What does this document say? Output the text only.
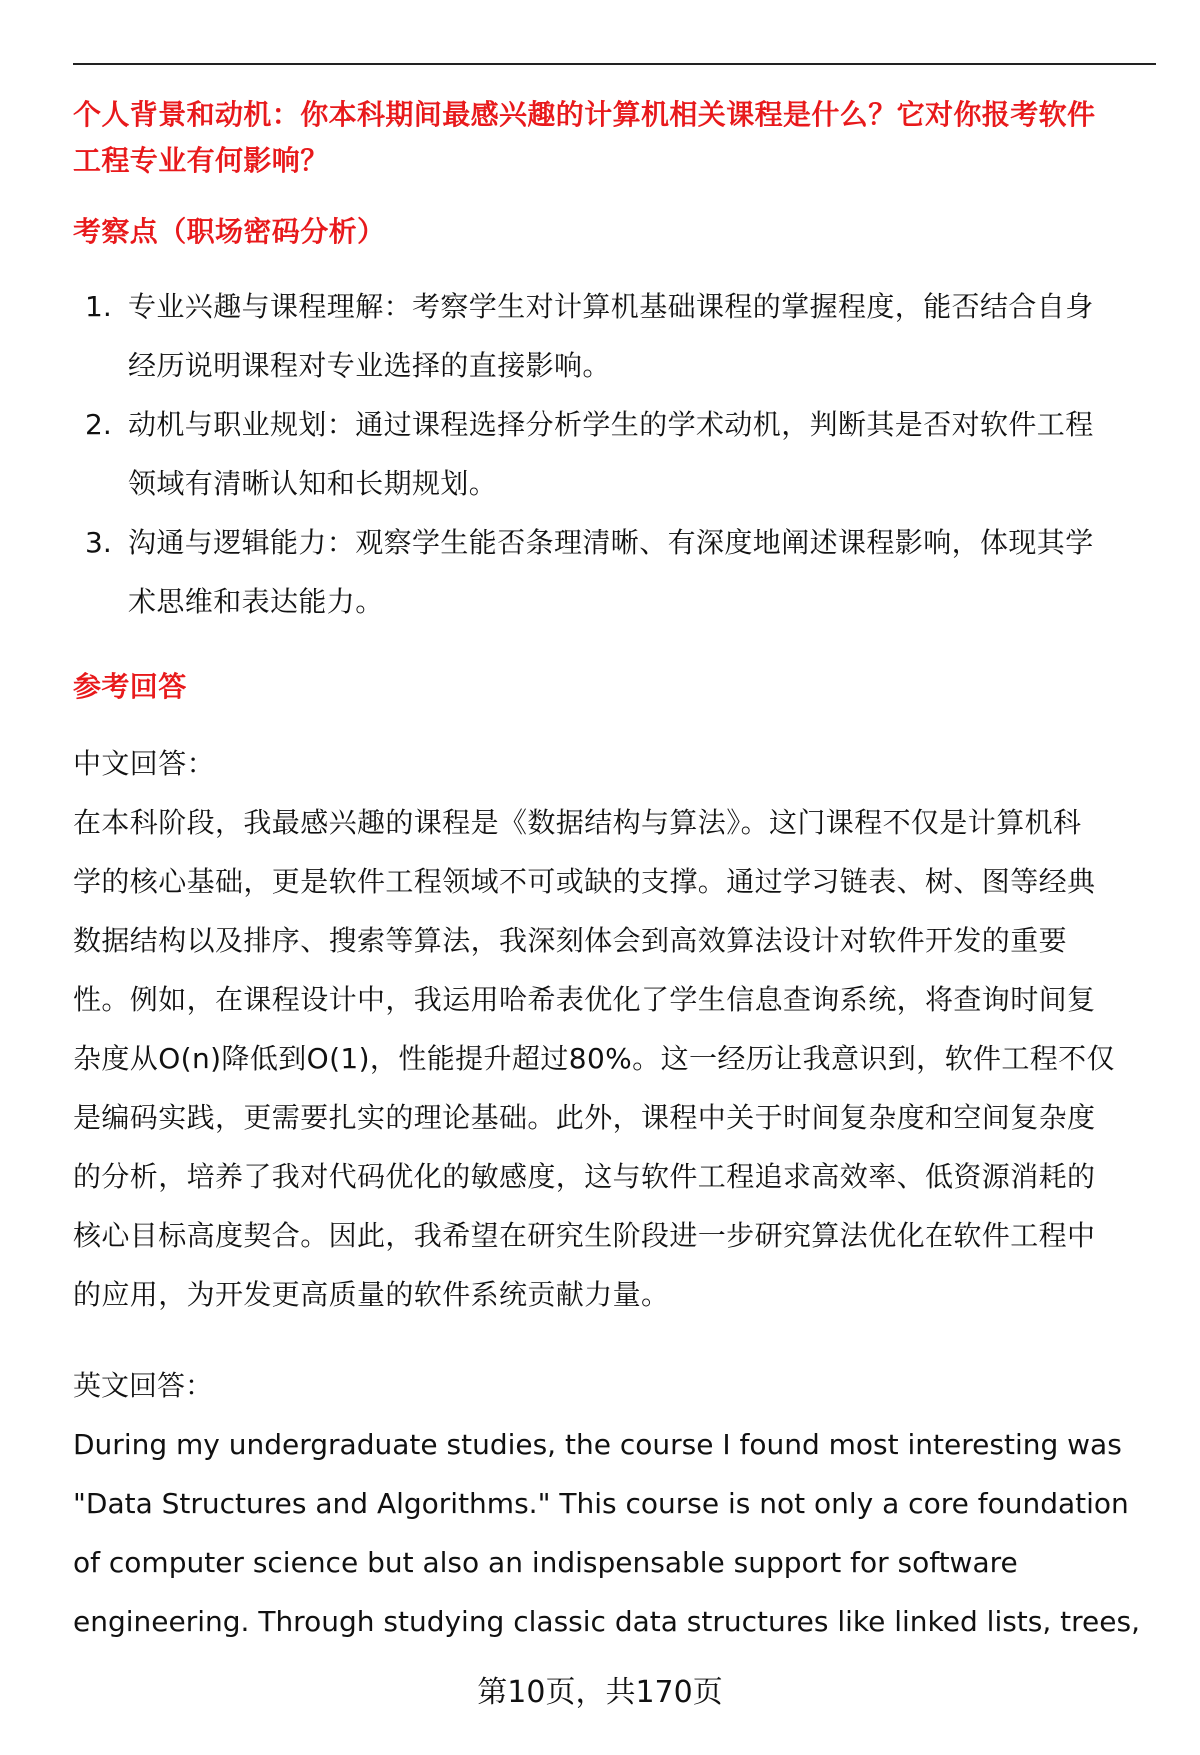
个人背景和动机：你本科期间最感兴趣的计算机相关课程是什么？它对你报考软件
工程专业有何影响？
考察点（职场密码分析）
1. 专业兴趣与课程理解：考察学生对计算机基础课程的掌握程度，能否结合自身
经历说明课程对专业选择的直接影响。
2. 动机与职业规划：通过课程选择分析学生的学术动机，判断其是否对软件工程
领域有清晰认知和长期规划。
3. 沟通与逻辑能力：观察学生能否条理清晰、有深度地阐述课程影响，体现其学
术思维和表达能力。
参考回答
中文回答：
在本科阶段，我最感兴趣的课程是《数据结构与算法》。这门课程不仅是计算机科
学的核心基础，更是软件工程领域不可或缺的支撑。通过学习链表、树、图等经典
数据结构以及排序、搜索等算法，我深刻体会到高效算法设计对软件开发的重要
性。例如，在课程设计中，我运用哈希表优化了学生信息查询系统，将查询时间复
杂度从O(n)降低到O(1)，性能提升超过80%。这一经历让我意识到，软件工程不仅
是编码实践，更需要扎实的理论基础。此外，课程中关于时间复杂度和空间复杂度
的分析，培养了我对代码优化的敏感度，这与软件工程追求高效率、低资源消耗的
核心目标高度契合。因此，我希望在研究生阶段进一步研究算法优化在软件工程中
的应用，为开发更高质量的软件系统贡献力量。
英文回答：
During my undergraduate studies, the course I found most interesting was
"Data Structures and Algorithms." This course is not only a core foundation
of computer science but also an indispensable support for software
engineering. Through studying classic data structures like linked lists, trees,
第10页，共170页
